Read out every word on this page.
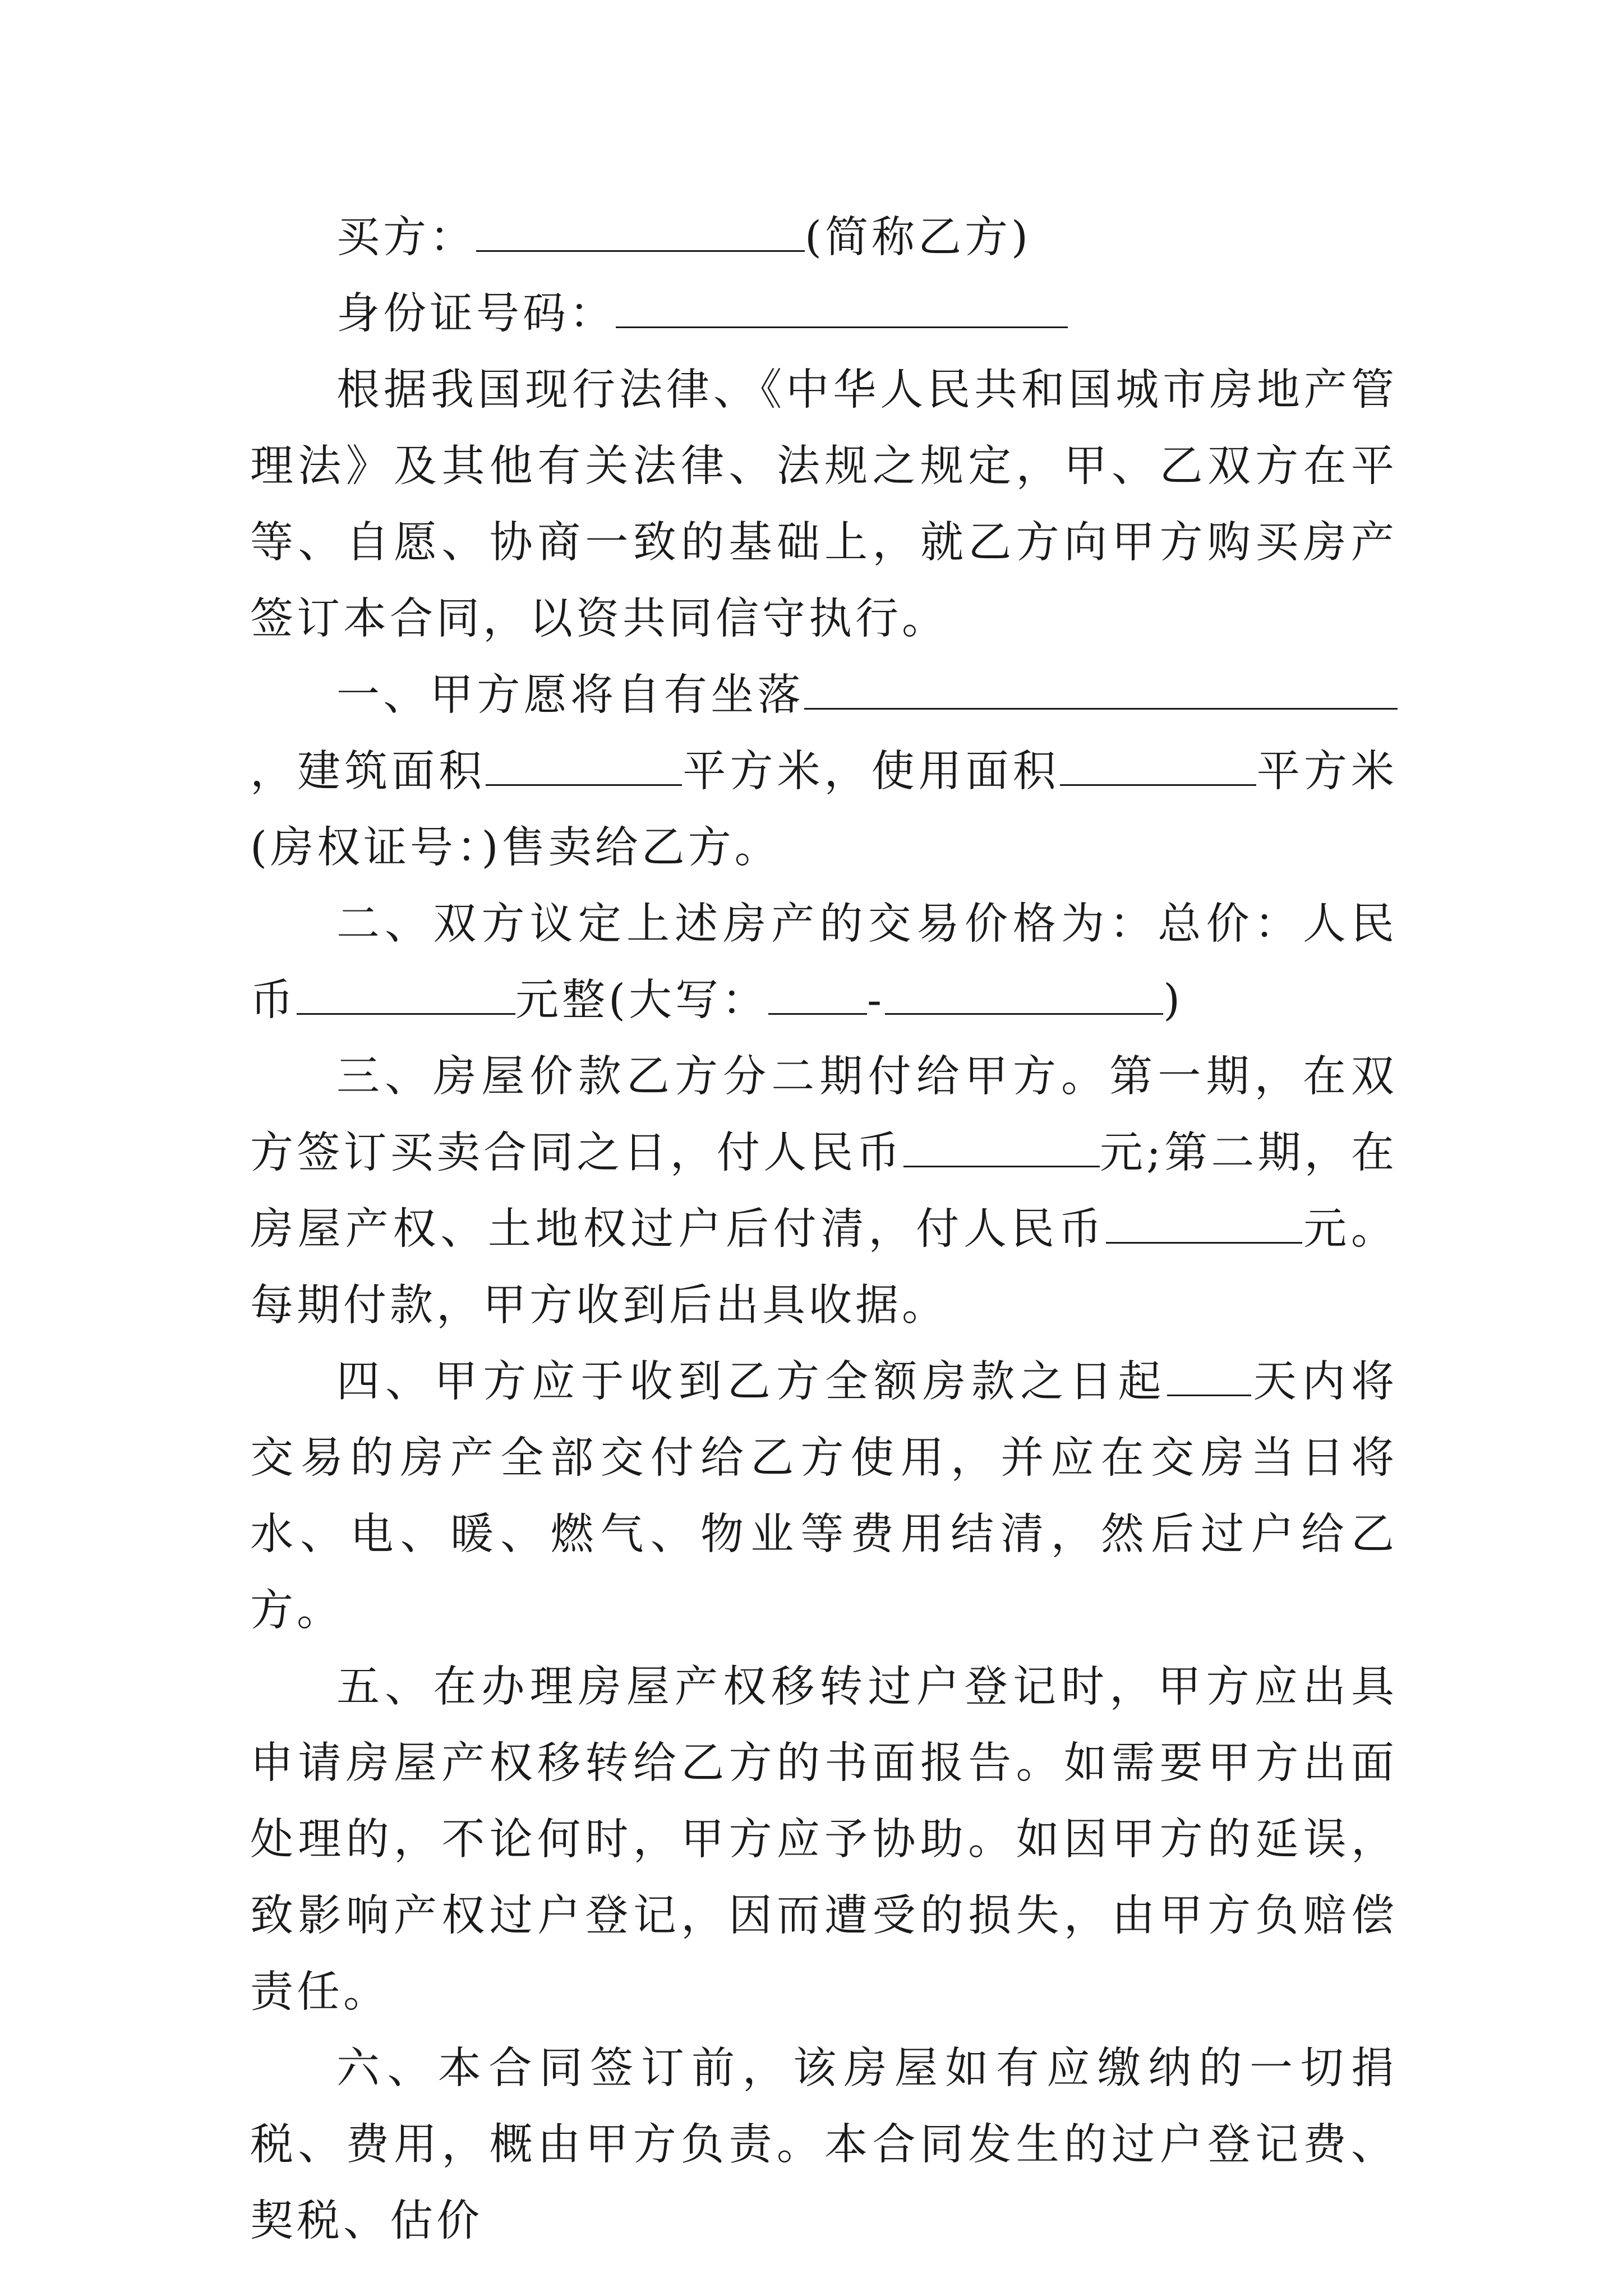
买方：	(简称乙方)

身份证号码：

根据我国现行法律、《中华人民共和国城市房地产管理法》及其他有关法律、法规之规定，甲、乙双方在平等、自愿、协商一致的基础上，就乙方向甲方购买房产签订本合同，以资共同信守执行。

一、甲方愿将自有坐落，建筑面积	平方米，使用面积	平方米(房权证号：)售卖给乙方。

二、双方议定上述房产的交易价格为：总价：人民币	元整(大写： -	)

三、房屋价款乙方分二期付给甲方。第一期，在双方签订买卖合同之日，付人民币	元;第二期，在房屋产权、土地权过户后付清，付人民币	元。每期付款，甲方收到后出具收据。

四、甲方应于收到乙方全额房款之日起 天内将交易的房产全部交付给乙方使用，并应在交房当日将水、电、暖、燃气、物业等费用结清，然后过户给乙方。

五、在办理房屋产权移转过户登记时，甲方应出具申请房屋产权移转给乙方的书面报告。如需要甲方出面处理的，不论何时，甲方应予协助。如因甲方的延误，致影响产权过户登记，因而遭受的损失，由甲方负赔偿责任。

六、本合同签订前，该房屋如有应缴纳的一切捐税、费用，概由甲方负责。本合同发生的过户登记费、契税、估价
